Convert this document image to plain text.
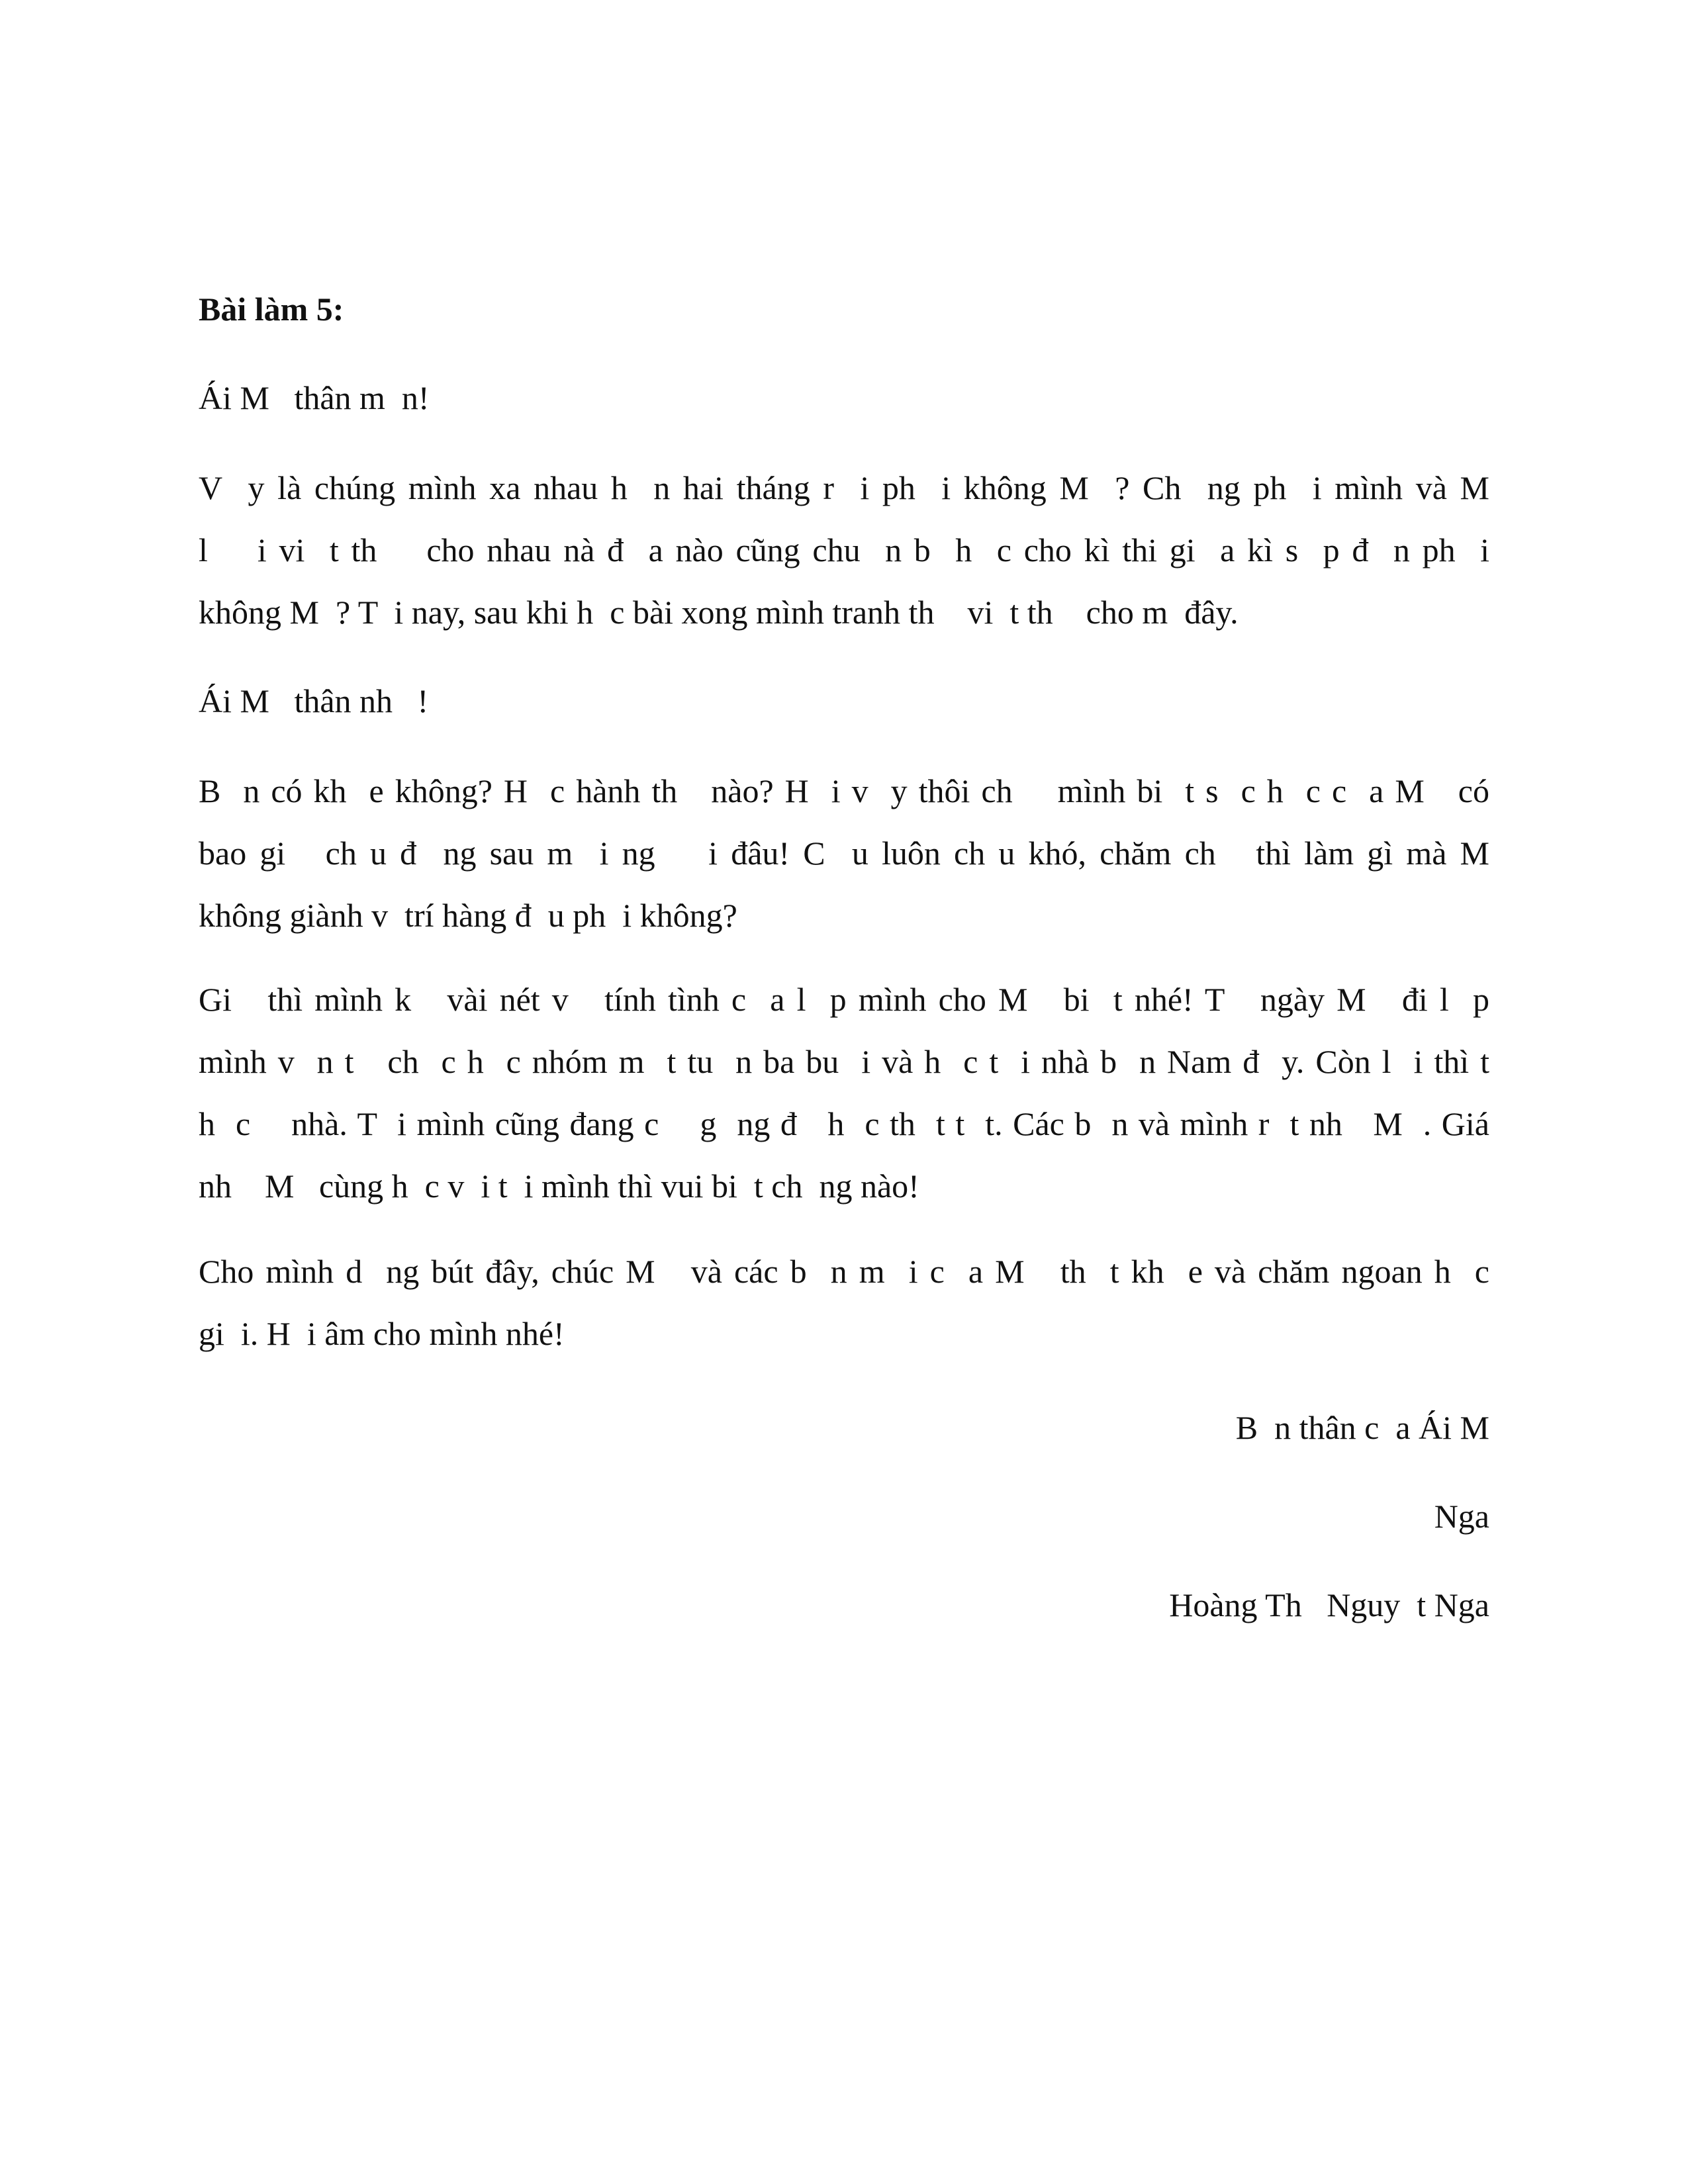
Bài làm 5:
Ái M   thân m  n!
V  y là chúng mình xa nhau h  n hai tháng r  i ph  i không M  ? Ch  ng ph  i mình và M
l    i vi  t th    cho nhau nà đ  a nào cũng chu  n b  h  c cho kì thi gi  a kì s  p đ  n ph  i
không M  ? T  i nay, sau khi h  c bài xong mình tranh th    vi  t th    cho m  đây.
Ái M   thân nh   !
B  n có kh  e không? H  c hành th   nào? H  i v  y thôi ch    mình bi  t s  c h  c c  a M   có
bao gi   ch u đ  ng sau m  i ng    i đâu! C  u luôn ch u khó, chăm ch   thì làm gì mà M
không giành v  trí hàng đ  u ph  i không?
Gi   thì mình k   vài nét v   tính tình c  a l  p mình cho M   bi  t nhé! T   ngày M   đi l  p
mình v  n t   ch  c h  c nhóm m  t tu  n ba bu  i và h  c t  i nhà b  n Nam đ  y. Còn l  i thì t
h  c    nhà. T  i mình cũng đang c    g  ng đ   h  c th  t t  t. Các b  n và mình r  t nh   M  . Giá
nh    M   cùng h  c v  i t  i mình thì vui bi  t ch  ng nào!
Cho mình d  ng bút đây, chúc M   và các b  n m  i c  a M   th  t kh  e và chăm ngoan h  c
gi  i. H  i âm cho mình nhé!
B  n thân c  a Ái M
Nga
Hoàng Th   Nguy  t Nga
